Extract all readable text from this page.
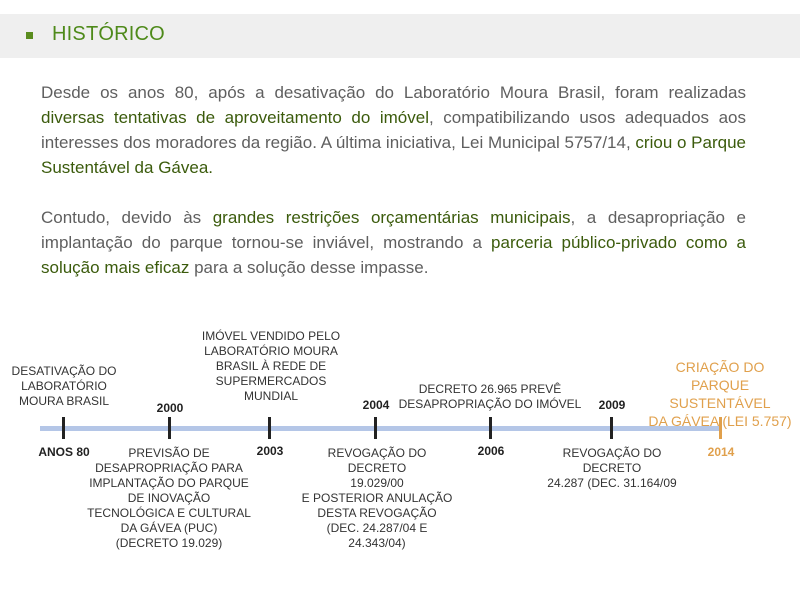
HISTÓRICO
Desde os anos 80, após a desativação do Laboratório Moura Brasil, foram realizadas diversas tentativas de aproveitamento do imóvel, compatibilizando usos adequados aos interesses dos moradores da região. A última iniciativa, Lei Municipal 5757/14, criou o Parque Sustentável da Gávea.
Contudo, devido às grandes restrições orçamentárias municipais, a desapropriação e implantação do parque tornou-se inviável, mostrando a parceria público-privado como a solução mais eficaz para a solução desse impasse.
ANOS 80
2000
2003
2004
2006
2009
2014
DESATIVAÇÃO DO
LABORATÓRIO
MOURA BRASIL
PREVISÃO DE
DESAPROPRIAÇÃO PARA
IMPLANTAÇÃO DO PARQUE
DE INOVAÇÃO
TECNOLÓGICA E CULTURAL
DA GÁVEA (PUC)
(DECRETO 19.029)
IMÓVEL VENDIDO PELO
LABORATÓRIO MOURA
BRASIL À REDE DE
SUPERMERCADOS
MUNDIAL
REVOGAÇÃO DO DECRETO
19.029/00
E POSTERIOR ANULAÇÃO
DESTA REVOGAÇÃO
(DEC. 24.287/04 E
24.343/04)
DECRETO 26.965 PREVÊ
DESAPROPRIAÇÃO DO IMÓVEL
REVOGAÇÃO DO DECRETO
24.287 (DEC. 31.164/09
CRIAÇÃO DO PARQUE
SUSTENTÁVEL
DA GÁVEA (LEI 5.757)
